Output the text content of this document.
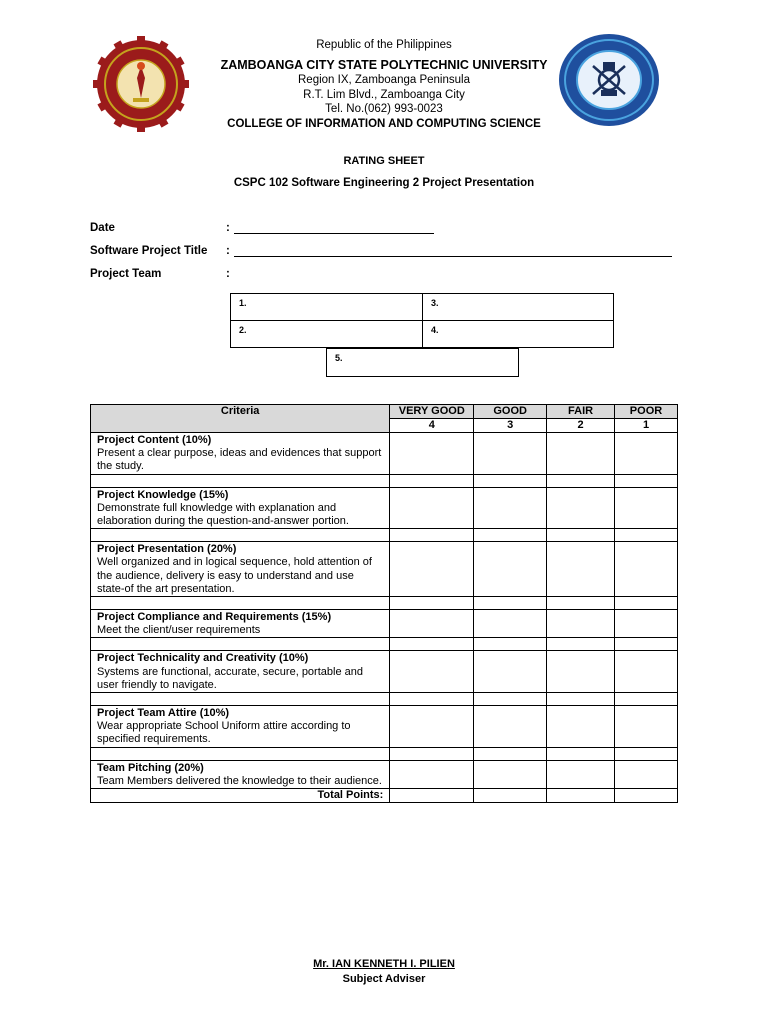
Republic of the Philippines
ZAMBOANGA CITY STATE POLYTECHNIC UNIVERSITY
Region IX, Zamboanga Peninsula
R.T. Lim Blvd., Zamboanga City
Tel. No.(062) 993-0023
COLLEGE OF INFORMATION AND COMPUTING SCIENCE
RATING SHEET
CSPC 102 Software Engineering 2 Project Presentation
Date	:
Software Project Title :
Project Team	:
1.
2.
3.
4.
5.
Criteria	VERY GOOD	GOOD	FAIR	POOR
	4	3	2	1

Project Content (10%)
Present a clear purpose, ideas and evidences that support the study.				

Project Knowledge (15%)
Demonstrate full knowledge with explanation and elaboration during the question-and-answer portion.				

Project Presentation (20%)
Well organized and in logical sequence, hold attention of the audience, delivery is easy to understand and use state-of the art presentation.				

Project Compliance and Requirements (15%)
Meet the client/user requirements				

Project Technicality and Creativity (10%)
Systems are functional, accurate, secure, portable and user friendly to navigate.				

Project Team Attire (10%)
Wear appropriate School Uniform attire according to specified requirements.				

Team Pitching (20%)
Team Members delivered the knowledge to their audience.				

Total Points:				
Mr. IAN KENNETH I. PILIEN
Subject Adviser
